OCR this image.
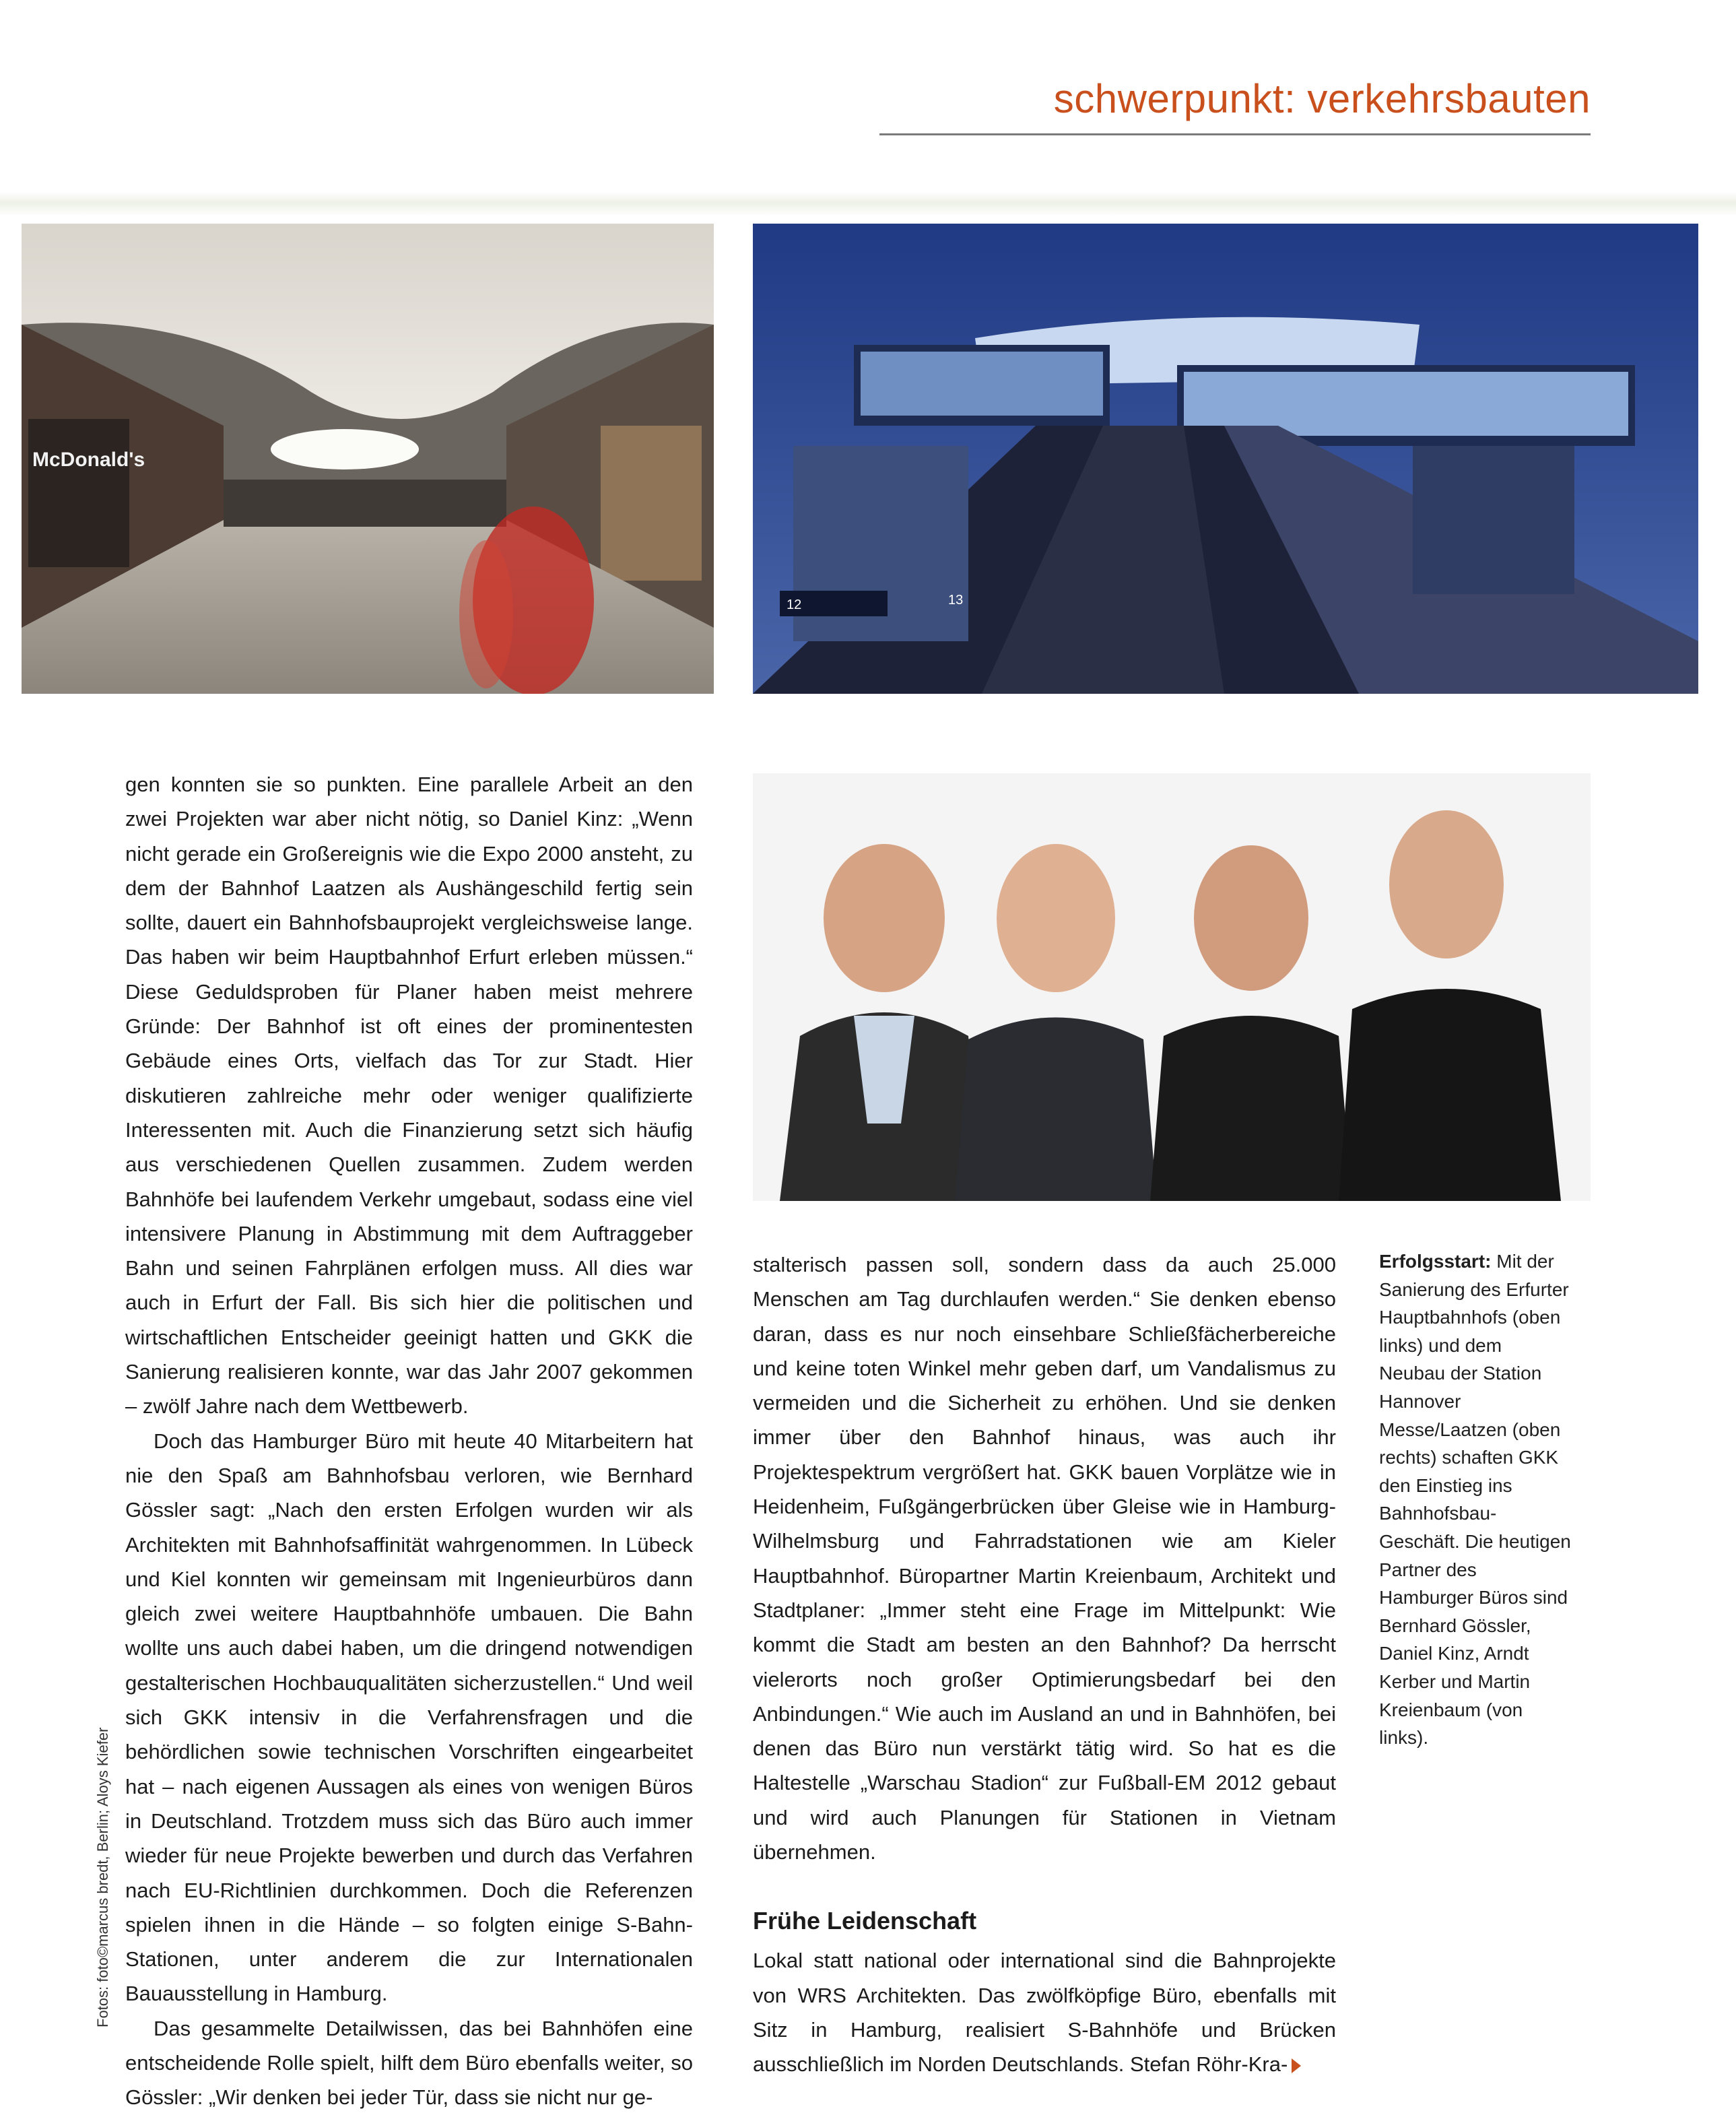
schwerpunkt: verkehrsbauten
McDonald's
12	13

gen konnten sie so punkten. Eine parallele Arbeit an den zwei Projekten war aber nicht nötig, so Daniel Kinz: „Wenn nicht gerade ein Großereignis wie die Expo 2000 ansteht, zu dem der Bahnhof Laatzen als Aushängeschild fertig sein sollte, dauert ein Bahnhofsbauprojekt vergleichsweise lange. Das haben wir beim Hauptbahnhof Erfurt erleben müssen.“ Diese Geduldsproben für Planer haben meist mehrere Gründe: Der Bahnhof ist oft eines der prominentesten Gebäude eines Orts, vielfach das Tor zur Stadt. Hier diskutieren zahlreiche mehr oder weniger qualifizierte Interessenten mit. Auch die Finanzierung setzt sich häufig aus verschiedenen Quellen zusammen. Zudem werden Bahnhöfe bei laufendem Verkehr umgebaut, sodass eine viel intensivere Planung in Abstimmung mit dem Auftraggeber Bahn und seinen Fahrplänen erfolgen muss. All dies war auch in Erfurt der Fall. Bis sich hier die politischen und wirtschaftlichen Entscheider geeinigt hatten und GKK die Sanierung realisieren konnte, war das Jahr 2007 gekommen – zwölf Jahre nach dem Wettbewerb.

Doch das Hamburger Büro mit heute 40 Mitarbeitern hat nie den Spaß am Bahnhofsbau verloren, wie Bernhard Gössler sagt: „Nach den ersten Erfolgen wurden wir als Architekten mit Bahnhofsaffinität wahrgenommen. In Lübeck und Kiel konnten wir gemeinsam mit Ingenieurbüros dann gleich zwei weitere Hauptbahnhöfe umbauen. Die Bahn wollte uns auch dabei haben, um die dringend notwendigen gestalterischen Hochbauqualitäten sicherzustellen.“ Und weil sich GKK intensiv in die Verfahrensfragen und die behördlichen sowie technischen Vorschriften eingearbeitet hat – nach eigenen Aussagen als eines von wenigen Büros in Deutschland. Trotzdem muss sich das Büro auch immer wieder für neue Projekte bewerben und durch das Verfahren nach EU-Richtlinien durchkommen. Doch die Referenzen spielen ihnen in die Hände – so folgten einige S-Bahn-Stationen, unter anderem die zur Internationalen Bauausstellung in Hamburg.

Das gesammelte Detailwissen, das bei Bahnhöfen eine entscheidende Rolle spielt, hilft dem Büro ebenfalls weiter, so Gössler: „Wir denken bei jeder Tür, dass sie nicht nur ge-

stalterisch passen soll, sondern dass da auch 25.000 Menschen am Tag durchlaufen werden.“ Sie denken ebenso daran, dass es nur noch einsehbare Schließfächerbereiche und keine toten Winkel mehr geben darf, um Vandalismus zu vermeiden und die Sicherheit zu erhöhen. Und sie denken immer über den Bahnhof hinaus, was auch ihr Projektespektrum vergrößert hat. GKK bauen Vorplätze wie in Heidenheim, Fußgängerbrücken über Gleise wie in Hamburg-Wilhelmsburg und Fahrradstationen wie am Kieler Hauptbahnhof. Büropartner Martin Kreienbaum, Architekt und Stadtplaner: „Immer steht eine Frage im Mittelpunkt: Wie kommt die Stadt am besten an den Bahnhof? Da herrscht vielerorts noch großer Optimierungsbedarf bei den Anbindungen.“ Wie auch im Ausland an und in Bahnhöfen, bei denen das Büro nun verstärkt tätig wird. So hat es die Haltestelle „Warschau Stadion“ zur Fußball-EM 2012 gebaut und wird auch Planungen für Stationen in Vietnam übernehmen.

Frühe Leidenschaft

Lokal statt national oder international sind die Bahnprojekte von WRS Architekten. Das zwölfköpfige Büro, ebenfalls mit Sitz in Hamburg, realisiert S-Bahnhöfe und Brücken ausschließlich im Norden Deutschlands. Stefan Röhr-Kra-

Erfolgsstart: Mit der Sanierung des Erfurter Hauptbahnhofs (oben links) und dem Neubau der Station Hannover Messe/Laatzen (oben rechts) schaften GKK den Einstieg ins Bahnhofsbau-Geschäft. Die heutigen Partner des Hamburger Büros sind Bernhard Gössler, Daniel Kinz, Arndt Kerber und Martin Kreienbaum (von links).
Fotos: foto©marcus bredt, Berlin; Aloys Kiefer
